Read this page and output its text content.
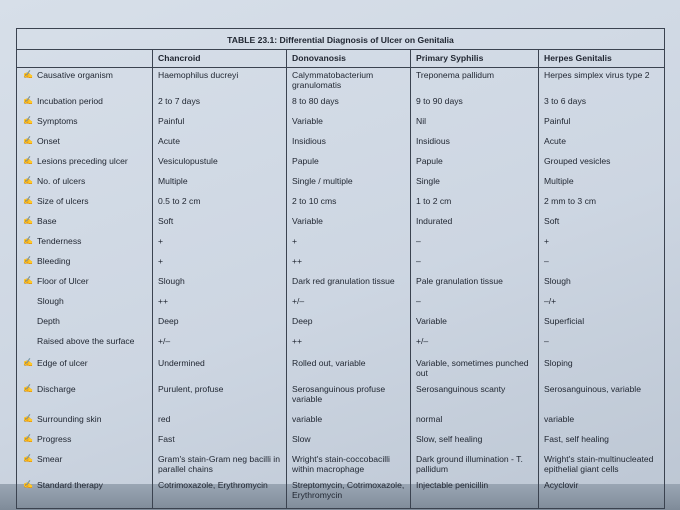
TABLE 23.1: Differential Diagnosis of Ulcer on Genitalia				
	Chancroid	Donovanosis	Primary Syphilis	Herpes Genitalis

✍ Causative organism	Haemophilus ducreyi	Calymmatobacterium granulomatis	Treponema pallidum	Herpes simplex virus type 2

✍ Incubation period	2 to 7 days	8 to 80 days	9 to 90 days	3 to 6 days

✍ Symptoms	Painful	Variable	Nil	Painful

✍ Onset	Acute	Insidious	Insidious	Acute

✍ Lesions preceding ulcer	Vesiculopustule	Papule	Papule	Grouped vesicles

✍ No. of ulcers	Multiple	Single / multiple	Single	Multiple

✍ Size of ulcers	0.5 to 2 cm	2 to 10 cms	1 to 2 cm	2 mm to 3 cm

✍ Base	Soft	Variable	Indurated	Soft

✍ Tenderness	+	+	–	+

✍ Bleeding	+	++	–	–

✍ Floor of Ulcer	Slough	Dark red granulation tissue	Pale granulation tissue	Slough
Slough	++	+/–	–	–/+
Depth	Deep	Deep	Variable	Superficial
Raised above the surface	+/–	++	+/–	–

✍ Edge of ulcer	Undermined	Rolled out, variable	Variable, sometimes punched out	Sloping

✍ Discharge	Purulent, profuse	Serosanguinous profuse variable	Serosanguinous scanty	Serosanguinous, variable

✍ Surrounding skin	red	variable	normal	variable

✍ Progress	Fast	Slow	Slow, self healing	Fast, self healing

✍ Smear	Gram's stain-Gram neg bacilli in parallel chains	Wright's stain-coccobacilli within macrophage	Dark ground illumination - T. pallidum	Wright's stain-multinucleated epithelial giant cells

✍ Standard therapy	Cotrimoxazole, Erythromycin	Streptomycin, Cotrimoxazole, Erythromycin	Injectable penicillin	Acyclovir
